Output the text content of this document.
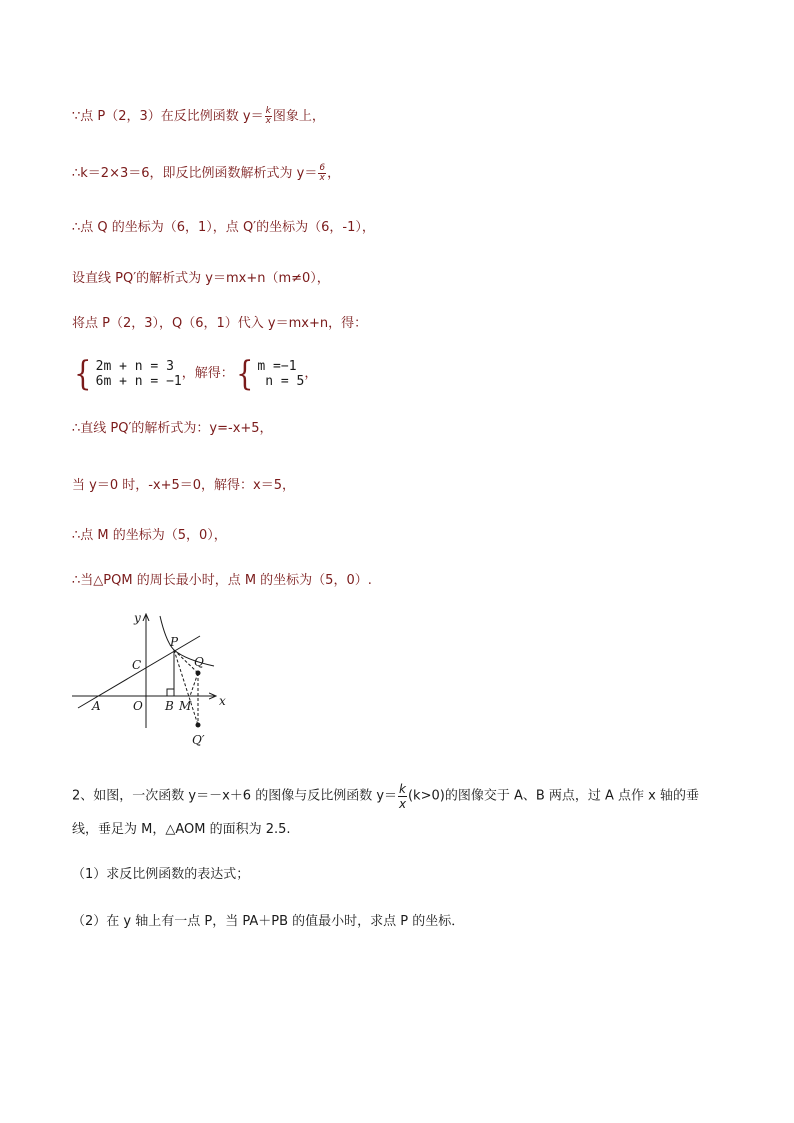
∵点 P（2，3）在反比例函数 $y= \frac{k}{x}$ 图象上，
∴k＝2×3＝6，即反比例函数解析式为 $y= \frac{6}{x}$ ，
∴点 Q 的坐标为（6，1），点 Q′的坐标为（6，-1），
设直线 PQ′的解析式为 y＝mx+n（m≠0），
将点 P（2，3），Q（6，1）代入 y＝mx+n，得：
{ 2m + n = 3
6m + n = −1
，解得： { m =−1
n = 5
，
∴直线 PQ′的解析式为：y=-x+5，
当 y＝0 时，-x+5＝0，解得：x＝5，
∴点 M 的坐标为（5，0），
∴当△PQM 的周长最小时，点 M 的坐标为（5，0）.
y
x
P
Q
C
A	O B M
Q′
2、如图，一次函数 y＝－x＋6 的图像与反比例函数 $y= \frac{k}{x} (k>0)$的图像交于 A、B 两点，过 A 点作 x 轴的垂
线，垂足为 M，△AOM 的面积为 2.5.
（1）求反比例函数的表达式；
（2）在 y 轴上有一点 P，当 PA＋PB 的值最小时，求点 P 的坐标．
